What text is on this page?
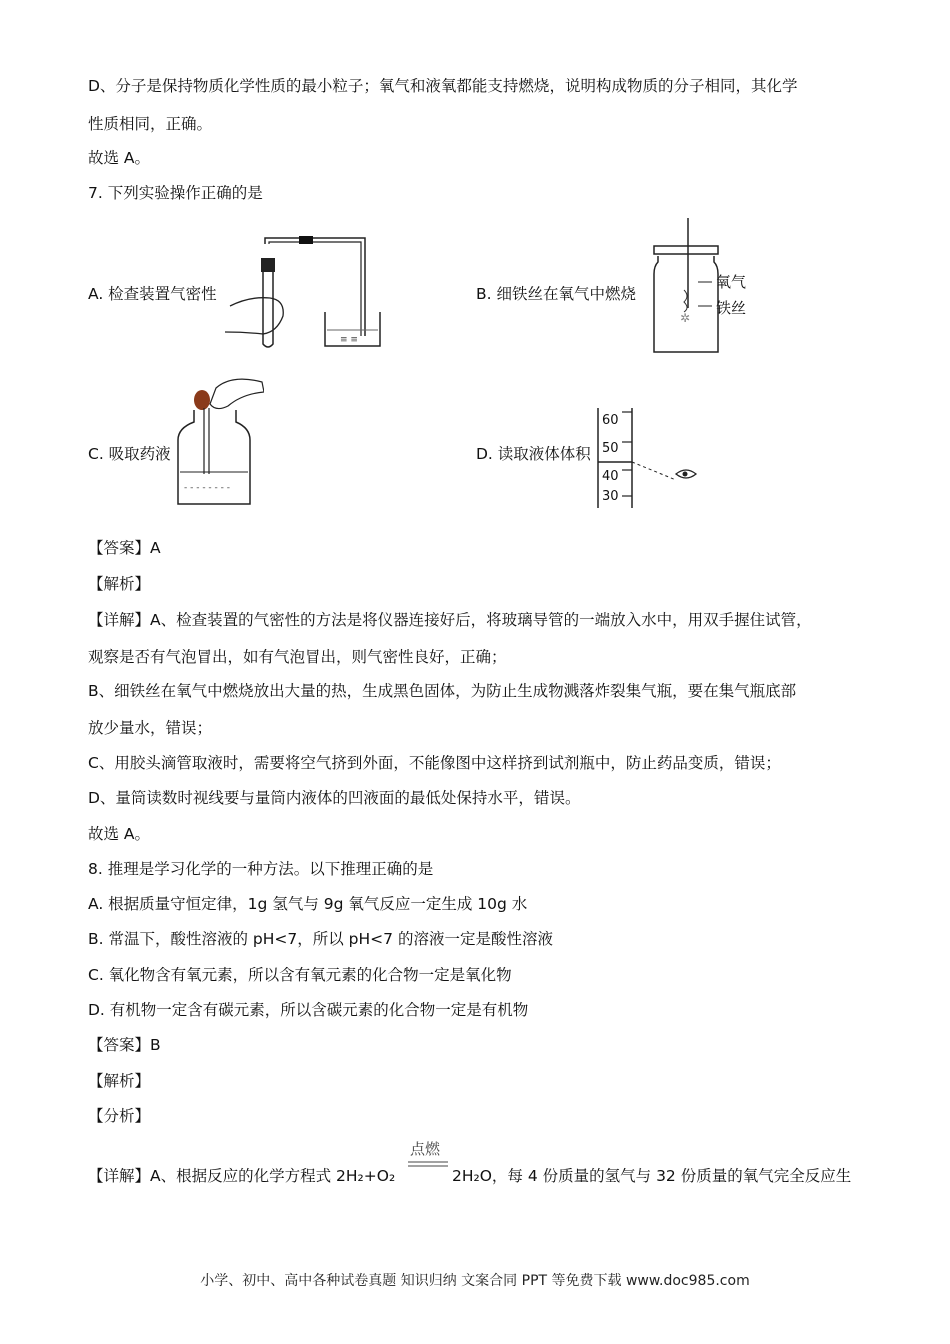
D、分子是保持物质化学性质的最小粒子；氧气和液氧都能支持燃烧，说明构成物质的分子相同，其化学
性质相同，正确。
故选 A。
7. 下列实验操作正确的是
A. 检查装置气密性
≡ ≡
B. 细铁丝在氧气中燃烧
✲
氧气
铁丝
C. 吸取药液
- - - - - - - -
D. 读取液体体积
60
50
40
30
【答案】A
【解析】
【详解】A、检查装置的气密性的方法是将仪器连接好后，将玻璃导管的一端放入水中，用双手握住试管，
观察是否有气泡冒出，如有气泡冒出，则气密性良好，正确；
B、细铁丝在氧气中燃烧放出大量的热，生成黑色固体，为防止生成物溅落炸裂集气瓶，要在集气瓶底部
放少量水，错误；
C、用胶头滴管取液时，需要将空气挤到外面，不能像图中这样挤到试剂瓶中，防止药品变质，错误；
D、量筒读数时视线要与量筒内液体的凹液面的最低处保持水平，错误。
故选 A。
8. 推理是学习化学的一种方法。以下推理正确的是
A. 根据质量守恒定律，1g 氢气与 9g 氧气反应一定生成 10g 水
B. 常温下，酸性溶液的 pH<7，所以 pH<7 的溶液一定是酸性溶液
C. 氧化物含有氧元素，所以含有氧元素的化合物一定是氧化物
D. 有机物一定含有碳元素，所以含碳元素的化合物一定是有机物
【答案】B
【解析】
【分析】
【详解】A、根据反应的化学方程式 2H₂+O₂
点燃
2H₂O，每 4 份质量的氢气与 32 份质量的氧气完全反应生
小学、初中、高中各种试卷真题 知识归纳 文案合同 PPT 等免费下载 www.doc985.com
